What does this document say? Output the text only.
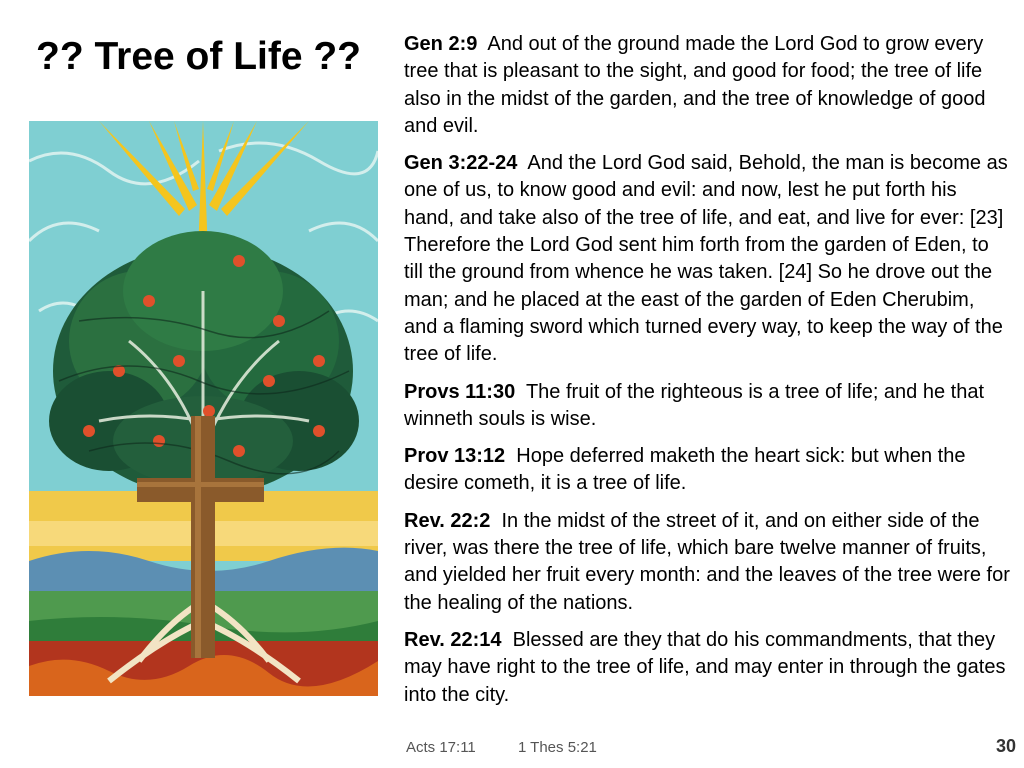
?? Tree of Life ??	Gen 2:9 And out of the ground made the Lord God to grow every tree that is pleasant to the sight, and good for food; the tree of life also in the midst of the garden, and the tree of knowledge of good and evil.

Gen 3:22-24 And the Lord God said, Behold, the man is become as one of us, to know good and evil: and now, lest he put forth his hand, and take also of the tree of life, and eat, and live for ever: [23] Therefore the Lord God sent him forth from the garden of Eden, to till the ground from whence he was taken. [24] So he drove out the man; and he placed at the east of the garden of Eden Cherubim, and a flaming sword which turned every way, to keep the way of the tree of life.

Provs 11:30 The fruit of the righteous is a tree of life; and he that winneth souls is wise.

Prov 13:12 Hope deferred maketh the heart sick: but when the desire cometh, it is a tree of life.

Rev. 22:2 In the midst of the street of it, and on either side of the river, was there the tree of life, which bare twelve manner of fruits, and yielded her fruit every month: and the leaves of the tree were for the healing of the nations.

Rev. 22:14  Blessed are they that do his commandments, that they may have right to the tree of life, and may enter in through the gates into the city.

Acts 17:11	1 Thes 5:21	30
